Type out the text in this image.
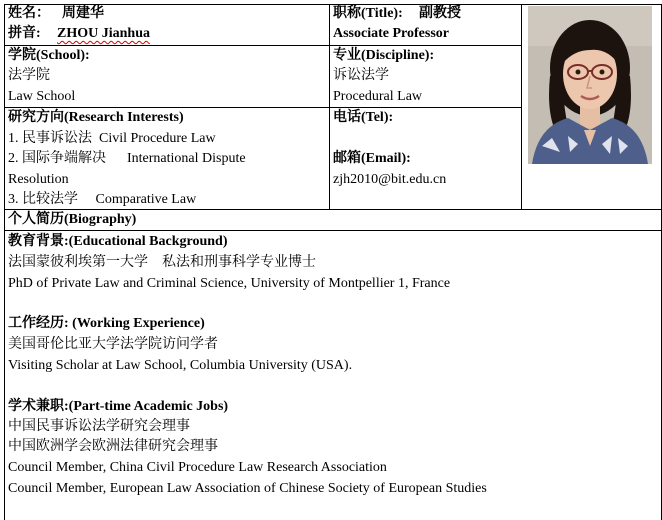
姓名： 周建华
拼音: ZHOU Jianhua
职称(Title): 副教授
Associate Professor
学院(School):
法学院
Law School
专业(Discipline):
诉讼法学
Procedural Law
研究方向(Research Interests)
1. 民事诉讼法  Civil Procedure Law
2. 国际争端解决      International Dispute
Resolution
3. 比较法学     Comparative Law
电话(Tel):
邮箱(Email):
zjh2010@bit.edu.cn
个人简历(Biography)
教育背景:(Educational Background)
法国蒙彼利埃第一大学    私法和刑事科学专业博士
PhD of Private Law and Criminal Science, University of Montpellier 1, France
工作经历: (Working Experience)
美国哥伦比亚大学法学院访问学者
Visiting Scholar at Law School, Columbia University (USA).
学术兼职:(Part-time Academic Jobs)
中国民事诉讼法学研究会理事
中国欧洲学会欧洲法律研究会理事
Council Member, China Civil Procedure Law Research Association
Council Member, European Law Association of Chinese Society of European Studies
